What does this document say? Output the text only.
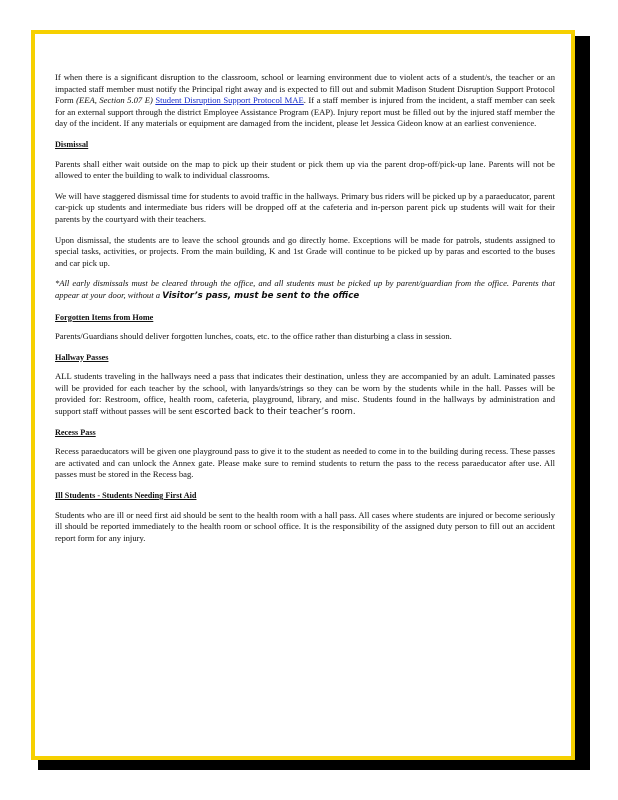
If when there is a significant disruption to the classroom, school or learning environment due to violent acts of a student/s, the teacher or an impacted staff member must notify the Principal right away and is expected to fill out and submit Madison Student Disruption Support Protocol Form (EEA, Section 5.07 E) Student Disruption Support Protocol MAE. If a staff member is injured from the incident, a staff member can seek for an external support through the district Employee Assistance Program (EAP). Injury report must be filled out by the injured staff member the day of the incident. If any materials or equipment are damaged from the incident, please let Jessica Gideon know at an earliest convenience.

Dismissal

Parents shall either wait outside on the map to pick up their student or pick them up via the parent drop-off/pick-up lane. Parents will not be allowed to enter the building to walk to individual classrooms.

We will have staggered dismissal time for students to avoid traffic in the hallways. Primary bus riders will be picked up by a paraeducator, parent car-pick up students and intermediate bus riders will be dropped off at the cafeteria and in-person parent pick up students will wait for their parents by the courtyard with their teachers.

Upon dismissal, the students are to leave the school grounds and go directly home. Exceptions will be made for patrols, students assigned to special tasks, activities, or projects. From the main building, K and 1st Grade will continue to be picked up by paras and escorted to the buses and car pick up.

*All early dismissals must be cleared through the office, and all students must be picked up by parent/guardian from the office. Parents that appear at your door, without a Visitor’s pass, must be sent to the office

Forgotten Items from Home

Parents/Guardians should deliver forgotten lunches, coats, etc. to the office rather than disturbing a class in session.

Hallway Passes

ALL students traveling in the hallways need a pass that indicates their destination, unless they are accompanied by an adult. Laminated passes will be provided for each teacher by the school, with lanyards/strings so they can be worn by the students while in the hall. Passes will be provided for: Restroom, office, health room, cafeteria, playground, library, and misc. Students found in the hallways by administration and support staff without passes will be sent escorted back to their teacher’s room.

Recess Pass

Recess paraeducators will be given one playground pass to give it to the student as needed to come in to the building during recess. These passes are activated and can unlock the Annex gate. Please make sure to remind students to return the pass to the recess paraeducator after use. All passes must be stored in the Recess bag.

Ill Students - Students Needing First Aid

Students who are ill or need first aid should be sent to the health room with a hall pass. All cases where students are injured or become seriously ill should be reported immediately to the health room or school office. It is the responsibility of the assigned duty person to fill out an accident report form for any injury.
